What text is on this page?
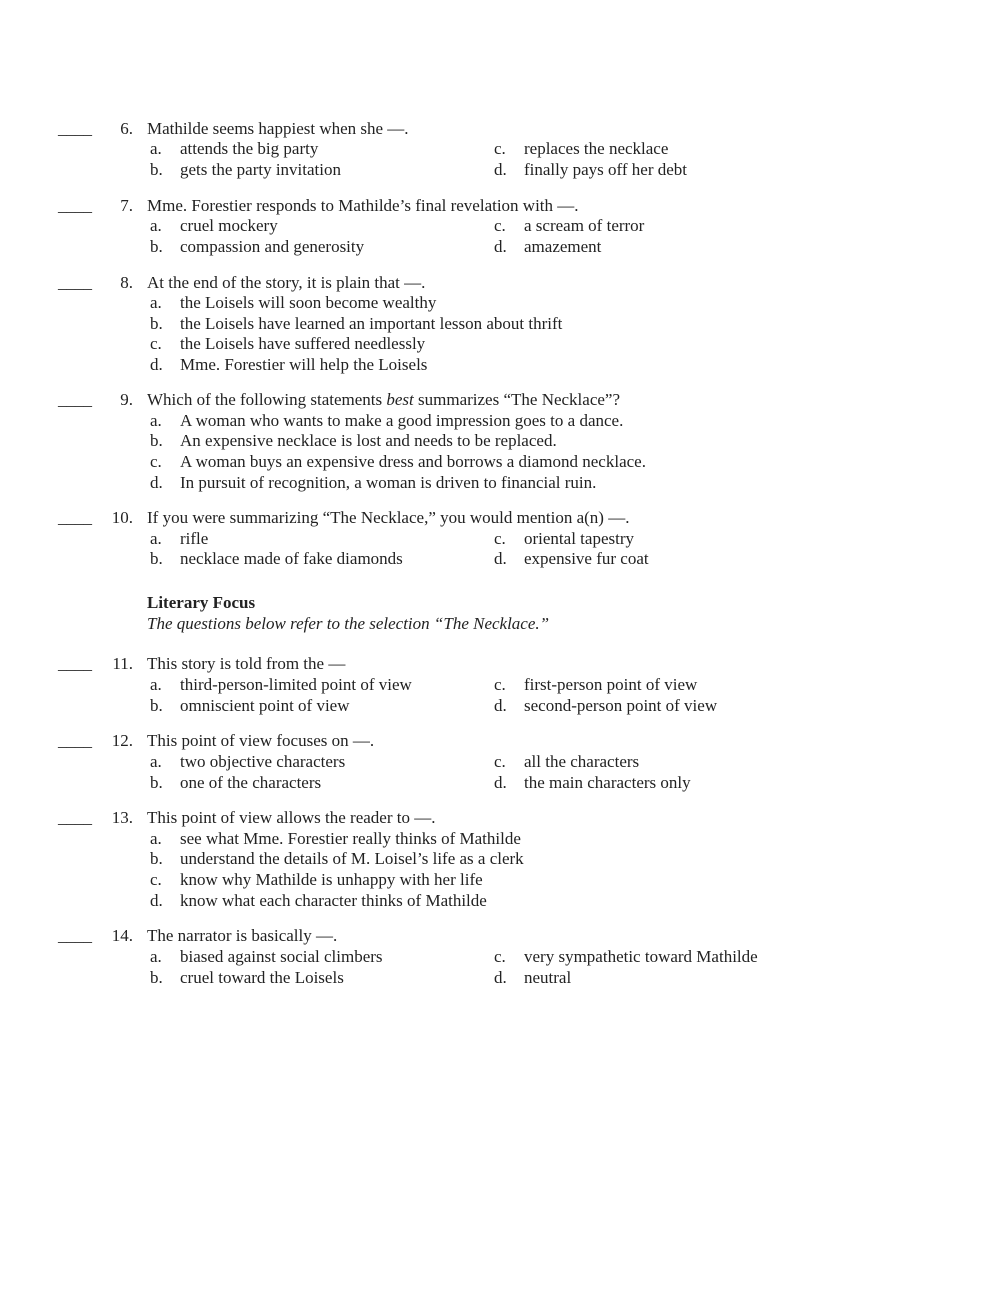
____	6. Mathilde seems happiest when she —.
a.	attends the big party
b.	gets the party invitation
c.	replaces the necklace
d.	finally pays off her debt
____	7. Mme. Forestier responds to Mathilde’s final revelation with —.
a.	cruel mockery
b.	compassion and generosity
c.	a scream of terror
d.	amazement
____	8. At the end of the story, it is plain that —.
a.	the Loisels will soon become wealthy
b.	the Loisels have learned an important lesson about thrift
c.	the Loisels have suffered needlessly
d.	Mme. Forestier will help the Loisels
____	9. Which of the following statements best summarizes “The Necklace”?
a.	A woman who wants to make a good impression goes to a dance.
b.	An expensive necklace is lost and needs to be replaced.
c.	A woman buys an expensive dress and borrows a diamond necklace.
d.	In pursuit of recognition, a woman is driven to financial ruin.
____	10. If you were summarizing “The Necklace,” you would mention a(n) —.
a.	rifle
b.	necklace made of fake diamonds
c.	oriental tapestry
d.	expensive fur coat
Literary Focus
The questions below refer to the selection “The Necklace.”
____	11. This story is told from the —
a.	third-person-limited point of view
b.	omniscient point of view
c.	first-person point of view
d.	second-person point of view
____	12. This point of view focuses on —.
a.	two objective characters
b.	one of the characters
c.	all the characters
d.	the main characters only
____	13. This point of view allows the reader to —.
a.	see what Mme. Forestier really thinks of Mathilde
b.	understand the details of M. Loisel’s life as a clerk
c.	know why Mathilde is unhappy with her life
d.	know what each character thinks of Mathilde
____	14. The narrator is basically —.
a.	biased against social climbers
b.	cruel toward the Loisels
c.	very sympathetic toward Mathilde
d.	neutral
